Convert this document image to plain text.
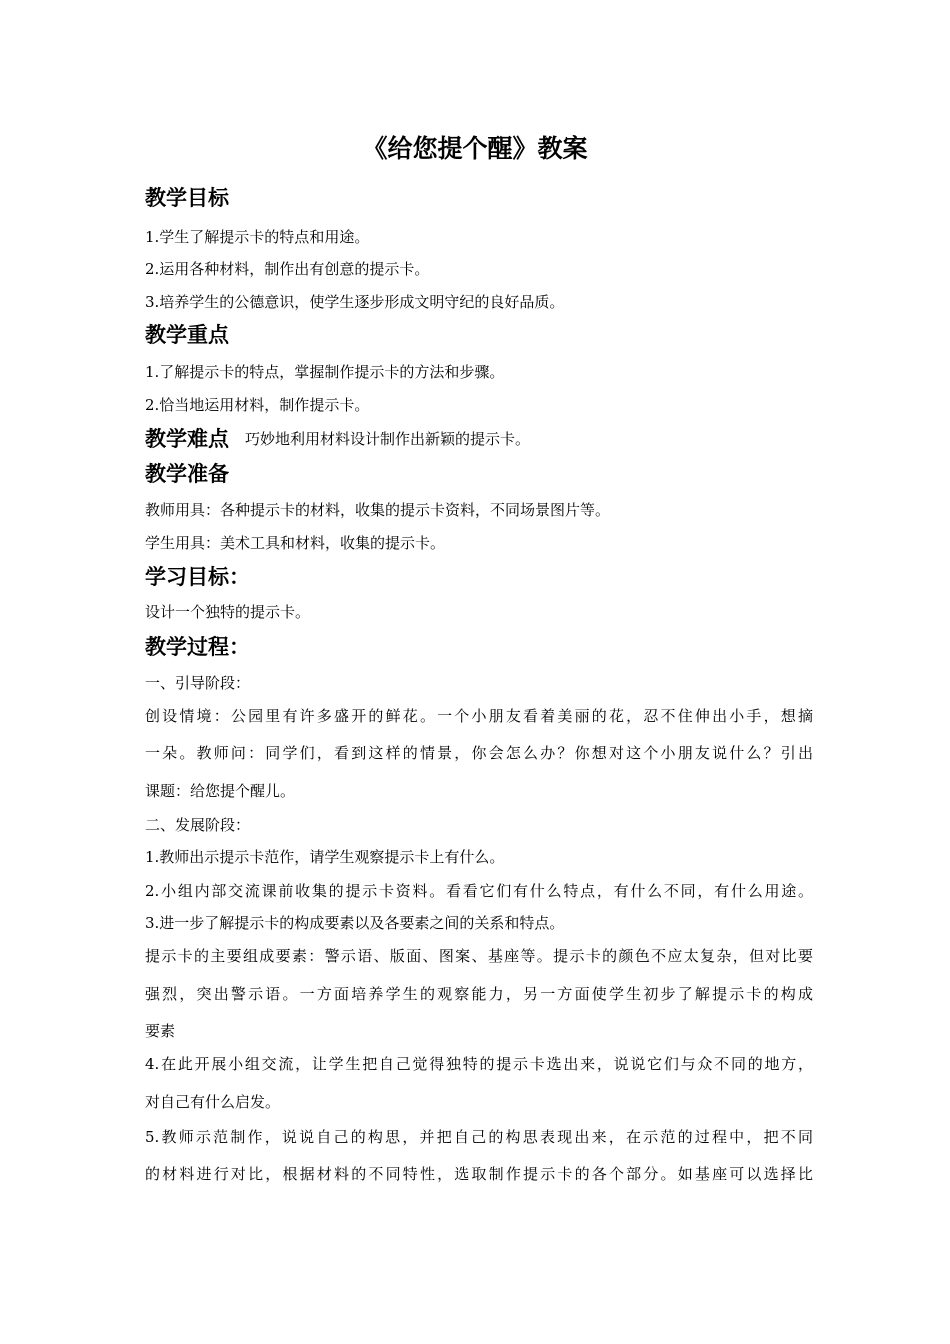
《给您提个醒》教案
教学目标
1.学生了解提示卡的特点和用途。
2.运用各种材料，制作出有创意的提示卡。
3.培养学生的公德意识，使学生逐步形成文明守纪的良好品质。
教学重点
1.了解提示卡的特点，掌握制作提示卡的方法和步骤。
2.恰当地运用材料，制作提示卡。
教学难点 巧妙地利用材料设计制作出新颖的提示卡。
教学准备
教师用具：各种提示卡的材料，收集的提示卡资料，不同场景图片等。
学生用具：美术工具和材料，收集的提示卡。
学习目标：
设计一个独特的提示卡。
教学过程：
一、引导阶段：
创设情境：公园里有许多盛开的鲜花。一个小朋友看着美丽的花，忍不住伸出小手，想摘
一朵。教师问：同学们，看到这样的情景，你会怎么办？你想对这个小朋友说什么？引出
课题：给您提个醒儿。
二、发展阶段：
1.教师出示提示卡范作，请学生观察提示卡上有什么。
2.小组内部交流课前收集的提示卡资料。看看它们有什么特点，有什么不同，有什么用途。
3.进一步了解提示卡的构成要素以及各要素之间的关系和特点。
提示卡的主要组成要素：警示语、版面、图案、基座等。提示卡的颜色不应太复杂，但对比要
强烈，突出警示语。一方面培养学生的观察能力，另一方面使学生初步了解提示卡的构成
要素
4.在此开展小组交流，让学生把自己觉得独特的提示卡选出来，说说它们与众不同的地方，
对自己有什么启发。
5.教师示范制作，说说自己的构思，并把自己的构思表现出来，在示范的过程中，把不同
的材料进行对比，根据材料的不同特性，选取制作提示卡的各个部分。如基座可以选择比
